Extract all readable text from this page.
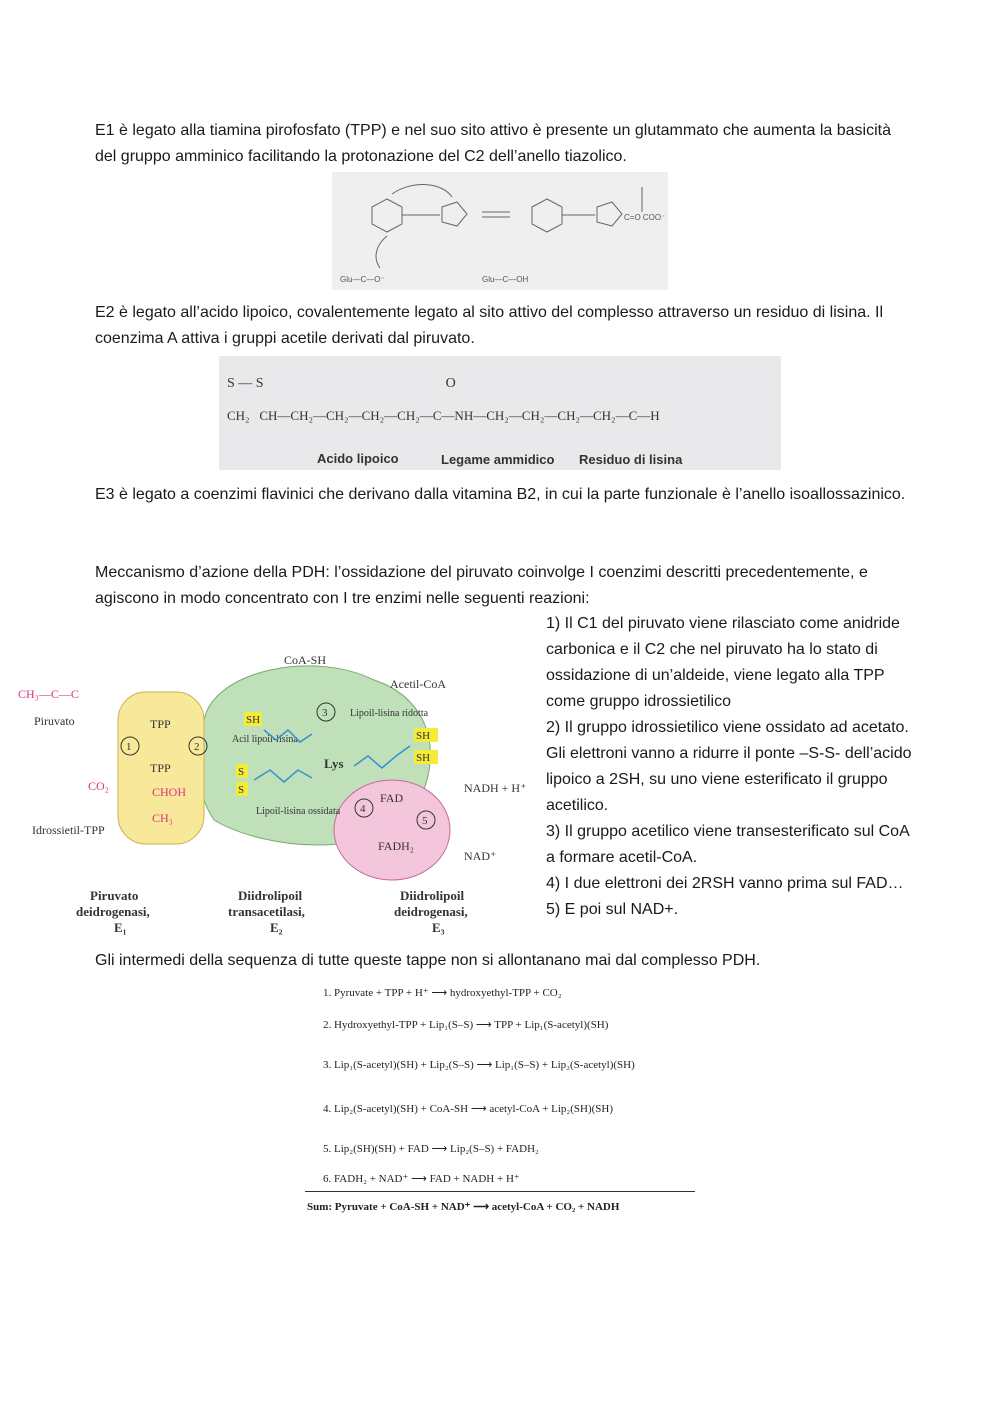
E1 è legato alla tiamina pirofosfato (TPP) e nel suo sito attivo è presente un glutammato che aumenta la basicità del gruppo amminico facilitando la protonazione del C2 dell’anello tiazolico.

Glu—C—O⁻	Glu—C—OH
C=O COO⁻

E2 è legato all’acido lipoico, covalentemente legato al sito attivo del complesso attraverso un residuo di lisina. Il coenzima A attiva i gruppi acetile derivati dal piruvato.

S — S                                                    O
CH₂   CH—CH₂—CH₂—CH₂—CH₂—C—NH—CH₂—CH₂—CH₂—CH₂—C—H
Acido lipoico	Legame ammidico Residuo di lisina

E3 è legato a coenzimi flavinici che derivano dalla vitamina B2, in cui la parte funzionale è l’anello isoallossazinico.

Meccanismo d’azione della PDH: l’ossidazione del piruvato coinvolge I coenzimi descritti precedentemente, e agiscono in modo concentrato con I tre enzimi nelle seguenti reazioni:

CH₃—C—C
Piruvato
CO₂
Idrossietil-TPP
TPP
TPP
CHOH
CH₃
1	2
CoA-SH
Acetil-CoA
Acil lipoil-lisina
Lipoil-lisina ridotta
Lipoil-lisina ossidata
Lys
3
SH
SH
SH
S
S
FAD
FADH₂
NADH + H⁺
NAD⁺
4
5
Piruvato
deidrogenasi,
E₁
Diidrolipoil
transacetilasi,
E₂
Diidrolipoil
deidrogenasi,
E₃
1) Il C1 del piruvato viene rilasciato come anidride carbonica e il C2 che nel piruvato ha lo stato di ossidazione di un’aldeide, viene legato alla TPP come gruppo idrossietilico
2) Il gruppo idrossietilico viene ossidato ad acetato. Gli elettroni vanno a ridurre il ponte –S-S- dell’acido lipoico a 2SH, su uno viene esterificato il gruppo acetilico.
3) Il gruppo acetilico viene transesterificato sul CoA a formare acetil-CoA.
4) I due elettroni dei 2RSH vanno prima sul FAD…
5) E poi sul NAD+.

Gli intermedi della sequenza di tutte queste tappe non si allontanano mai dal complesso PDH.

1. Pyruvate + TPP + H⁺ ⟶ hydroxyethyl-TPP + CO₂
2. Hydroxyethyl-TPP + Lip₁(S–S) ⟶ TPP + Lip₁(S-acetyl)(SH)
3. Lip₁(S-acetyl)(SH) + Lip₂(S–S) ⟶ Lip₁(S–S) + Lip₂(S-acetyl)(SH)
4. Lip₂(S-acetyl)(SH) + CoA-SH ⟶ acetyl-CoA + Lip₂(SH)(SH)
5. Lip₂(SH)(SH) + FAD ⟶ Lip₂(S–S) + FADH₂
6. FADH₂ + NAD⁺ ⟶ FAD + NADH + H⁺
Sum: Pyruvate + CoA-SH + NAD⁺ ⟶ acetyl-CoA + CO₂ + NADH
